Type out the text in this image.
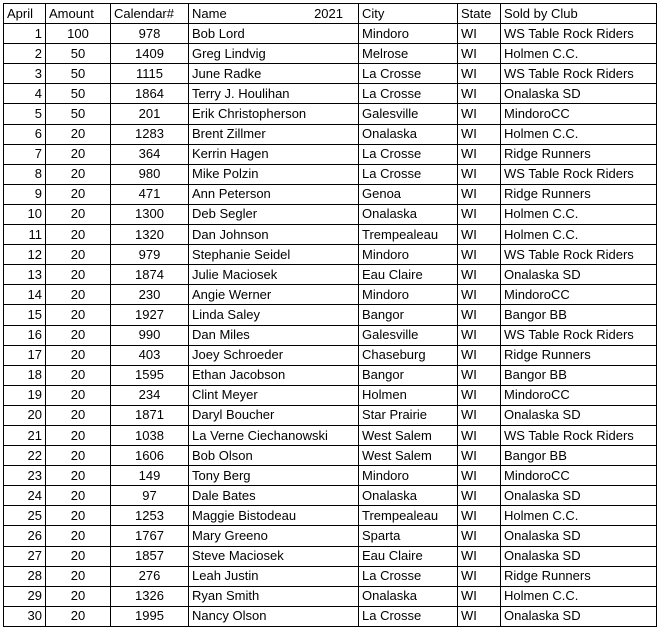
April	Amount	Calendar#	Name 2021	City	State	Sold by Club
1	100	978	Bob Lord	Mindoro	WI	WS Table Rock Riders
2	50	1409	Greg Lindvig	Melrose	WI	Holmen C.C.
3	50	1115	June Radke	La Crosse	WI	WS Table Rock Riders
4	50	1864	Terry J. Houlihan	La Crosse	WI	Onalaska SD
5	50	201	Erik Christopherson	Galesville	WI	MindoroCC
6	20	1283	Brent Zillmer	Onalaska	WI	Holmen C.C.
7	20	364	Kerrin Hagen	La Crosse	WI	Ridge Runners
8	20	980	Mike Polzin	La Crosse	WI	WS Table Rock Riders
9	20	471	Ann Peterson	Genoa	WI	Ridge Runners
10	20	1300	Deb Segler	Onalaska	WI	Holmen C.C.
11	20	1320	Dan Johnson	Trempealeau	WI	Holmen C.C.
12	20	979	Stephanie Seidel	Mindoro	WI	WS Table Rock Riders
13	20	1874	Julie Maciosek	Eau Claire	WI	Onalaska SD
14	20	230	Angie Werner	Mindoro	WI	MindoroCC
15	20	1927	Linda Saley	Bangor	WI	Bangor BB
16	20	990	Dan Miles	Galesville	WI	WS Table Rock Riders
17	20	403	Joey Schroeder	Chaseburg	WI	Ridge Runners
18	20	1595	Ethan Jacobson	Bangor	WI	Bangor BB
19	20	234	Clint Meyer	Holmen	WI	MindoroCC
20	20	1871	Daryl Boucher	Star Prairie	WI	Onalaska SD
21	20	1038	La Verne Ciechanowski	West Salem	WI	WS Table Rock Riders
22	20	1606	Bob Olson	West Salem	WI	Bangor BB
23	20	149	Tony Berg	Mindoro	WI	MindoroCC
24	20	97	Dale Bates	Onalaska	WI	Onalaska SD
25	20	1253	Maggie Bistodeau	Trempealeau	WI	Holmen C.C.
26	20	1767	Mary Greeno	Sparta	WI	Onalaska SD
27	20	1857	Steve Maciosek	Eau Claire	WI	Onalaska SD
28	20	276	Leah Justin	La Crosse	WI	Ridge Runners
29	20	1326	Ryan Smith	Onalaska	WI	Holmen C.C.
30	20	1995	Nancy Olson	La Crosse	WI	Onalaska SD
